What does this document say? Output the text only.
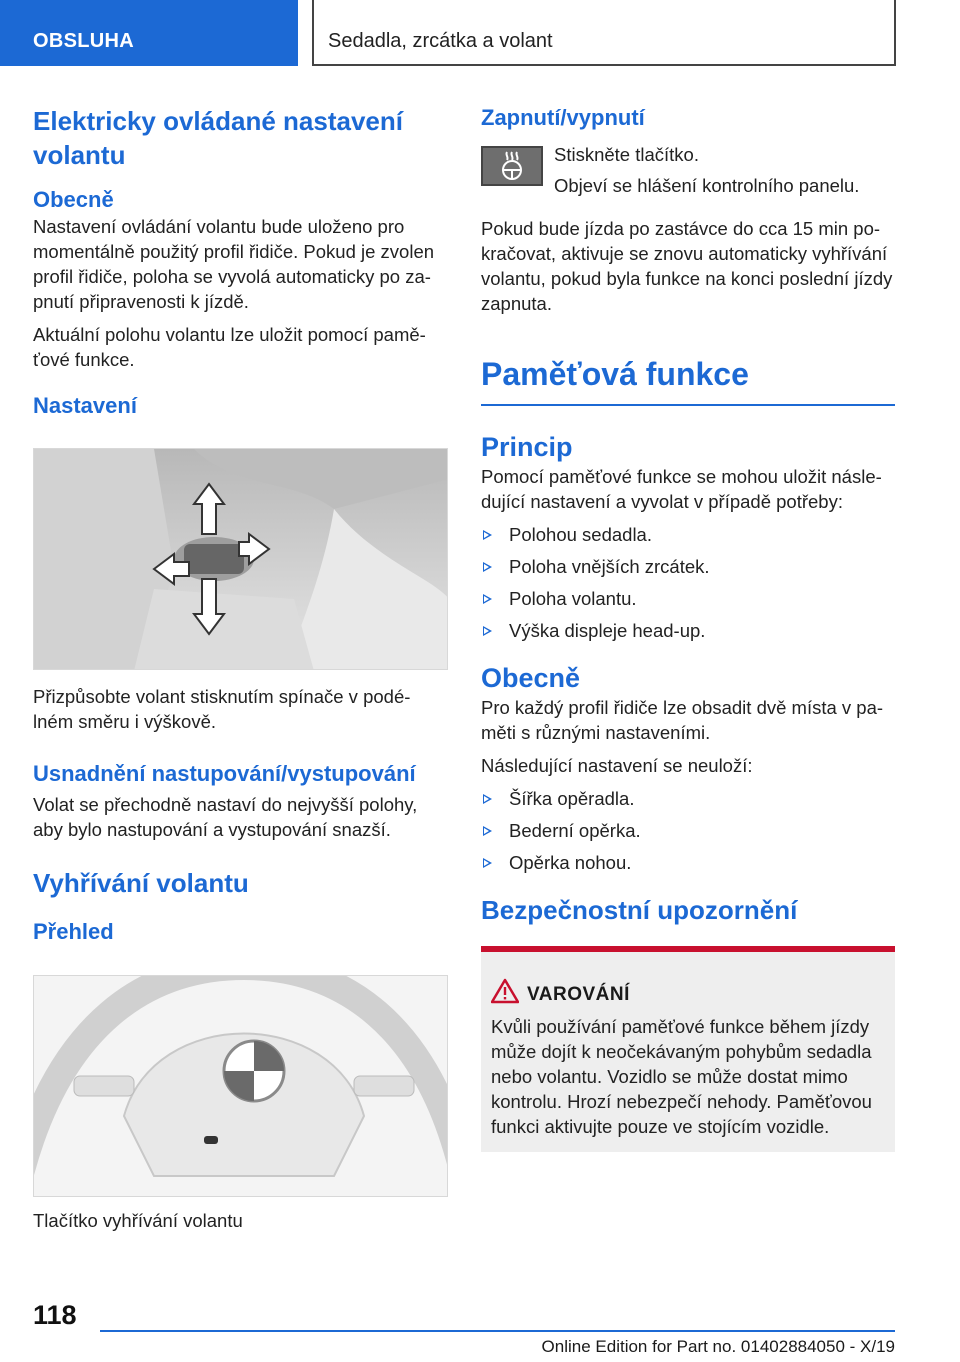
OBSLUHA	Sedadla, zrcátka a volant
Elektricky ovládané nastavení volantu
Obecně

Nastavení ovládání volantu bude uloženo pro momentálně použitý profil řidiče. Pokud je zvolen profil řidiče, poloha se vyvolá automaticky po za-pnutí připravenosti k jízdě.

Aktuální polohu volantu lze uložit pomocí pamě-ťové funkce.

Nastavení

Přizpůsobte volant stisknutím spínače v podé-lném směru i výškově.

Usnadnění nastupování/vystupování

Volat se přechodně nastaví do nejvyšší polohy, aby bylo nastupování a vystupování snazší.

Vyhřívání volantu
Přehled

Tlačítko vyhřívání volantu

Zapnutí/vypnutí

Stiskněte tlačítko.

Objeví se hlášení kontrolního panelu.

Pokud bude jízda po zastávce do cca 15 min po-kračovat, aktivuje se znovu automaticky vyhřívání volantu, pokud byla funkce na konci poslední jízdy zapnuta.

Paměťová funkce
Princip

Pomocí paměťové funkce se mohou uložit násle-dující nastavení a vyvolat v případě potřeby:

Polohou sedadla.
Poloha vnějších zrcátek.
Poloha volantu.
Výška displeje head-up.
Obecně

Pro každý profil řidiče lze obsadit dvě místa v pa-měti s různými nastaveními.

Následující nastavení se neuloží:

Šířka opěradla.
Bederní opěrka.
Opěrka nohou.
Bezpečnostní upozornění
VAROVÁNÍ
Kvůli používání paměťové funkce během jízdy může dojít k neočekávaným pohybům sedadla nebo volantu. Vozidlo se může dostat mimo kontrolu. Hrozí nebezpečí nehody. Paměťovou funkci aktivujte pouze ve stojícím vozidle.
118
Online Edition for Part no. 01402884050 - X/19
